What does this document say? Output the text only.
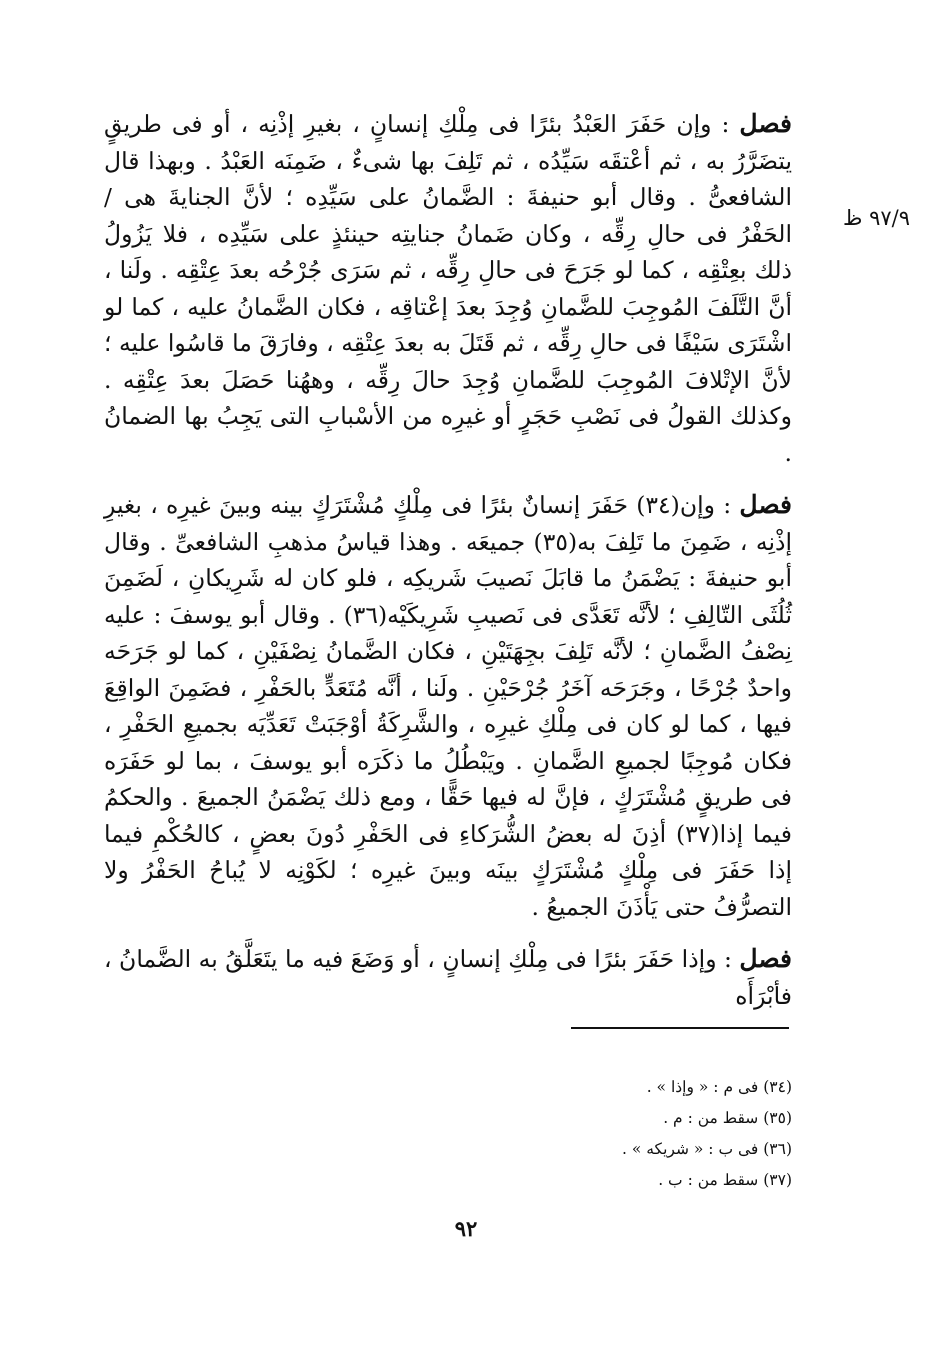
٩٧/٩ ظ

فصل : وإن حَفَرَ العَبْدُ بئرًا فى مِلْكِ إنسانٍ ، بغيرِ إذْنِه ، أو فى طريقٍ يتضَرَّرُ به ، ثم أعْتقَه سَيِّدُه ، ثم تَلِفَ بها شىءٌ ، ضَمِنَه العَبْدُ . وبهذا قال الشافعىُّ . وقال أبو حنيفةَ : الضَّمانُ على سَيِّدِه ؛ لأنَّ الجنايةَ هى / الحَفْرُ فى حالِ رِقِّه ، وكان ضَمانُ جنايتِه حينئذٍ على سَيِّدِه ، فلا يَزُولُ ذلك بعِتْقِه ، كما لو جَرَحَ فى حالِ رِقِّه ، ثم سَرَى جُرْحُه بعدَ عِتْقِه . ولَنا ، أنَّ التَّلَفَ المُوجِبَ للضَّمانِ وُجِدَ بعدَ إعْتاقِه ، فكان الضَّمانُ عليه ، كما لو اشْتَرَى سَيْفًا فى حالِ رِقِّه ، ثم قَتَلَ به بعدَ عِتْقِه ، وفارَقَ ما قاسُوا عليه ؛ لأنَّ الإتْلافَ المُوجِبَ للضَّمانِ وُجِدَ حالَ رِقِّه ، وههُنا حَصَلَ بعدَ عِتْقِه . وكذلك القولُ فى نَصْبِ حَجَرٍ أو غيرِه من الأسْبابِ التى يَجِبُ بها الضمانُ .

فصل : وإن(٣٤) حَفَرَ إنسانٌ بئرًا فى مِلْكٍ مُشْتَرَكٍ بينه وبينَ غيرِه ، بغيرِ إذْنِه ، ضَمِنَ ما تَلِفَ به(٣٥) جميعَه . وهذا قياسُ مذهبِ الشافعىِّ . وقال أبو حنيفةَ : يَضْمَنُ ما قابَلَ نَصيبَ شَريكِه ، فلو كان له شَرِيكانِ ، لَضَمِنَ ثُلُثَى التّالِفِ ؛ لأنَّه تَعَدَّى فى نَصيبِ شَرِيكَيْه(٣٦) . وقال أبو يوسفَ : عليه نِصْفُ الضَّمانِ ؛ لأنَّه تَلِفَ بجِهَتَيْنِ ، فكان الضَّمانُ نِصْفَيْنِ ، كما لو جَرَحَه واحدٌ جُرْحًا ، وجَرَحَه آخَرُ جُرْحَيْنِ . ولَنا ، أنَّه مُتَعَدٍّ بالحَفْرِ ، فضَمِنَ الواقِعَ فيها ، كما لو كان فى مِلْكِ غيرِه ، والشَّرِكَةُ أوْجَبَتْ تَعَدِّيَه بجميعِ الحَفْرِ ، فكان مُوجِبًا لجميعِ الضَّمانِ . ويَبْطُلُ ما ذكَرَه أبو يوسفَ ، بما لو حَفَرَه فى طريقٍ مُشْتَرَكٍ ، فإنَّ له فيها حَقًّا ، ومع ذلك يَضْمَنُ الجميعَ . والحكمُ فيما إذا(٣٧) أذِنَ له بعضُ الشُّرَكاءِ فى الحَفْرِ دُونَ بعضٍ ، كالحُكْمِ فيما إذا حَفَرَ فى مِلْكٍ مُشْتَرَكٍ بينَه وبينَ غيرِه ؛ لكَوْنِه لا يُباحُ الحَفْرُ ولا التصرُّفُ حتى يَأْذَنَ الجميعُ .

فصل : وإذا حَفَرَ بئرًا فى مِلْكِ إنسانٍ ، أو وَضَعَ فيه ما يتَعَلَّقُ به الضَّمانُ ، فأبْرَأَه

(٣٤) فى م : « وإذا » .
(٣٥) سقط من : م .
(٣٦) فى ب : « شريكه » .
(٣٧) سقط من : ب .
٩٢
